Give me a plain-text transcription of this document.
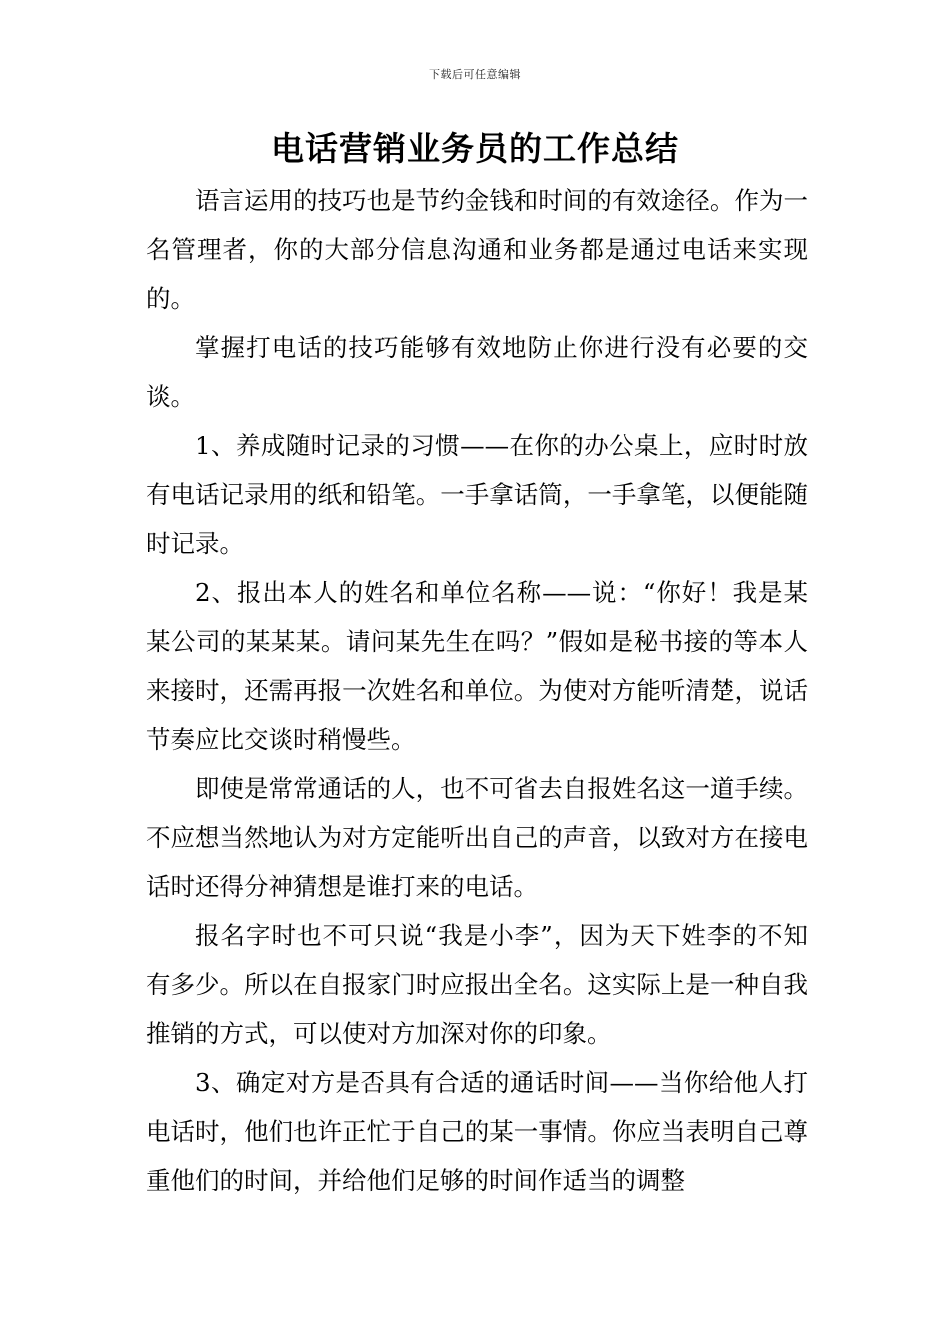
下载后可任意编辑
电话营销业务员的工作总结

语言运用的技巧也是节约金钱和时间的有效途径。作为一名管理者，你的大部分信息沟通和业务都是通过电话来实现的。

掌握打电话的技巧能够有效地防止你进行没有必要的交谈。

1、养成随时记录的习惯——在你的办公桌上，应时时放有电话记录用的纸和铅笔。一手拿话筒，一手拿笔，以便能随时记录。

2、报出本人的姓名和单位名称——说：“你好！我是某某公司的某某某。请问某先生在吗？”假如是秘书接的等本人来接时，还需再报一次姓名和单位。为使对方能听清楚，说话节奏应比交谈时稍慢些。

即使是常常通话的人，也不可省去自报姓名这一道手续。不应想当然地认为对方定能听出自己的声音，以致对方在接电话时还得分神猜想是谁打来的电话。

报名字时也不可只说“我是小李”，因为天下姓李的不知有多少。所以在自报家门时应报出全名。这实际上是一种自我推销的方式，可以使对方加深对你的印象。

3、确定对方是否具有合适的通话时间——当你给他人打电话时，他们也许正忙于自己的某一事情。你应当表明自己尊重他们的时间，并给他们足够的时间作适当的调整
